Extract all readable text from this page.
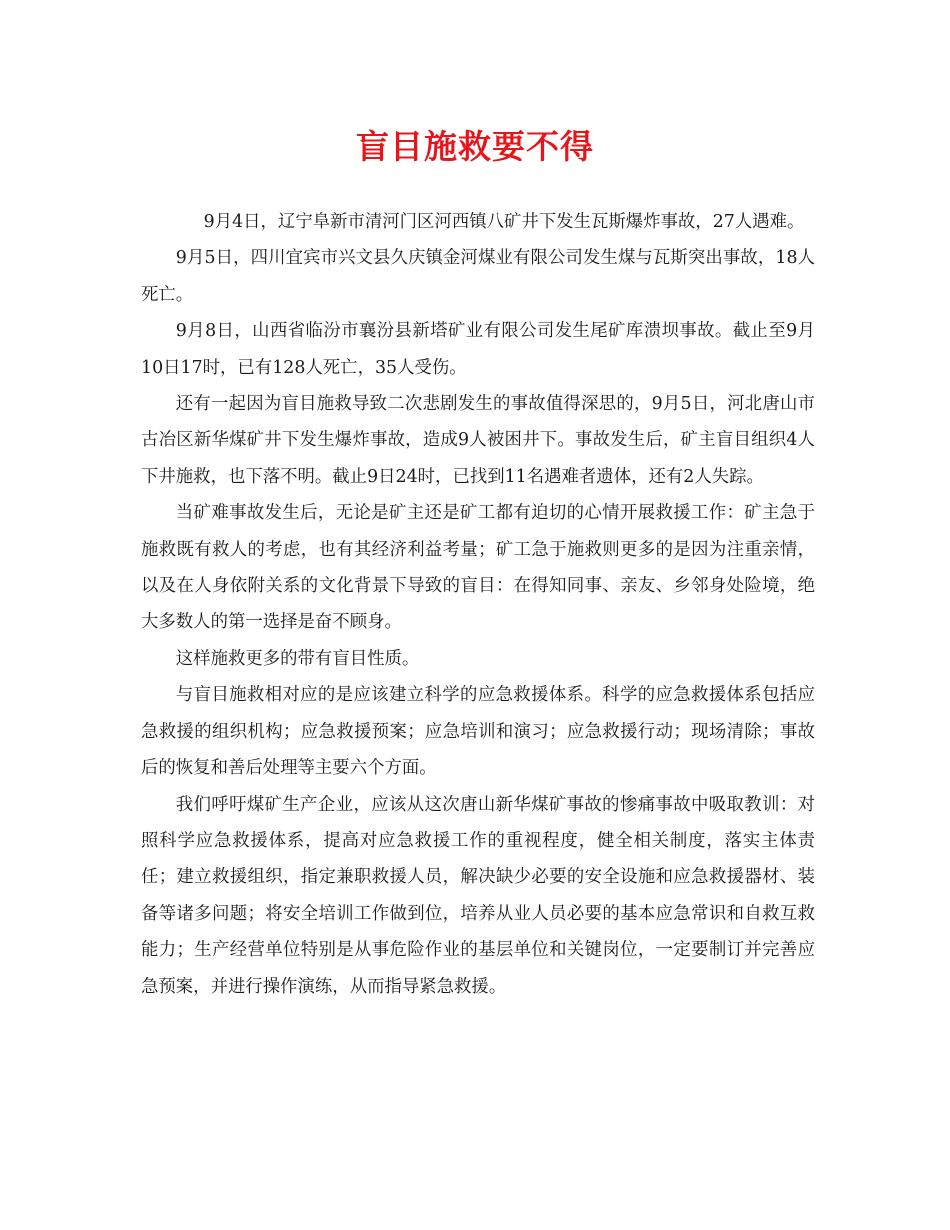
盲目施救要不得

9月4日，辽宁阜新市清河门区河西镇八矿井下发生瓦斯爆炸事故，27人遇难。

9月5日，四川宜宾市兴文县久庆镇金河煤业有限公司发生煤与瓦斯突出事故，18人死亡。

9月8日，山西省临汾市襄汾县新塔矿业有限公司发生尾矿库溃坝事故。截止至9月10日17时，已有128人死亡，35人受伤。

还有一起因为盲目施救导致二次悲剧发生的事故值得深思的，9月5日，河北唐山市古冶区新华煤矿井下发生爆炸事故，造成9人被困井下。事故发生后，矿主盲目组织4人下井施救，也下落不明。截止9日24时，已找到11名遇难者遗体，还有2人失踪。

当矿难事故发生后，无论是矿主还是矿工都有迫切的心情开展救援工作：矿主急于施救既有救人的考虑，也有其经济利益考量；矿工急于施救则更多的是因为注重亲情，以及在人身依附关系的文化背景下导致的盲目：在得知同事、亲友、乡邻身处险境，绝大多数人的第一选择是奋不顾身。

这样施救更多的带有盲目性质。

与盲目施救相对应的是应该建立科学的应急救援体系。科学的应急救援体系包括应急救援的组织机构；应急救援预案；应急培训和演习；应急救援行动；现场清除；事故后的恢复和善后处理等主要六个方面。

我们呼吁煤矿生产企业，应该从这次唐山新华煤矿事故的惨痛事故中吸取教训：对照科学应急救援体系，提高对应急救援工作的重视程度，健全相关制度，落实主体责任；建立救援组织，指定兼职救援人员，解决缺少必要的安全设施和应急救援器材、装备等诸多问题；将安全培训工作做到位，培养从业人员必要的基本应急常识和自救互救能力；生产经营单位特别是从事危险作业的基层单位和关键岗位，一定要制订并完善应急预案，并进行操作演练，从而指导紧急救援。
